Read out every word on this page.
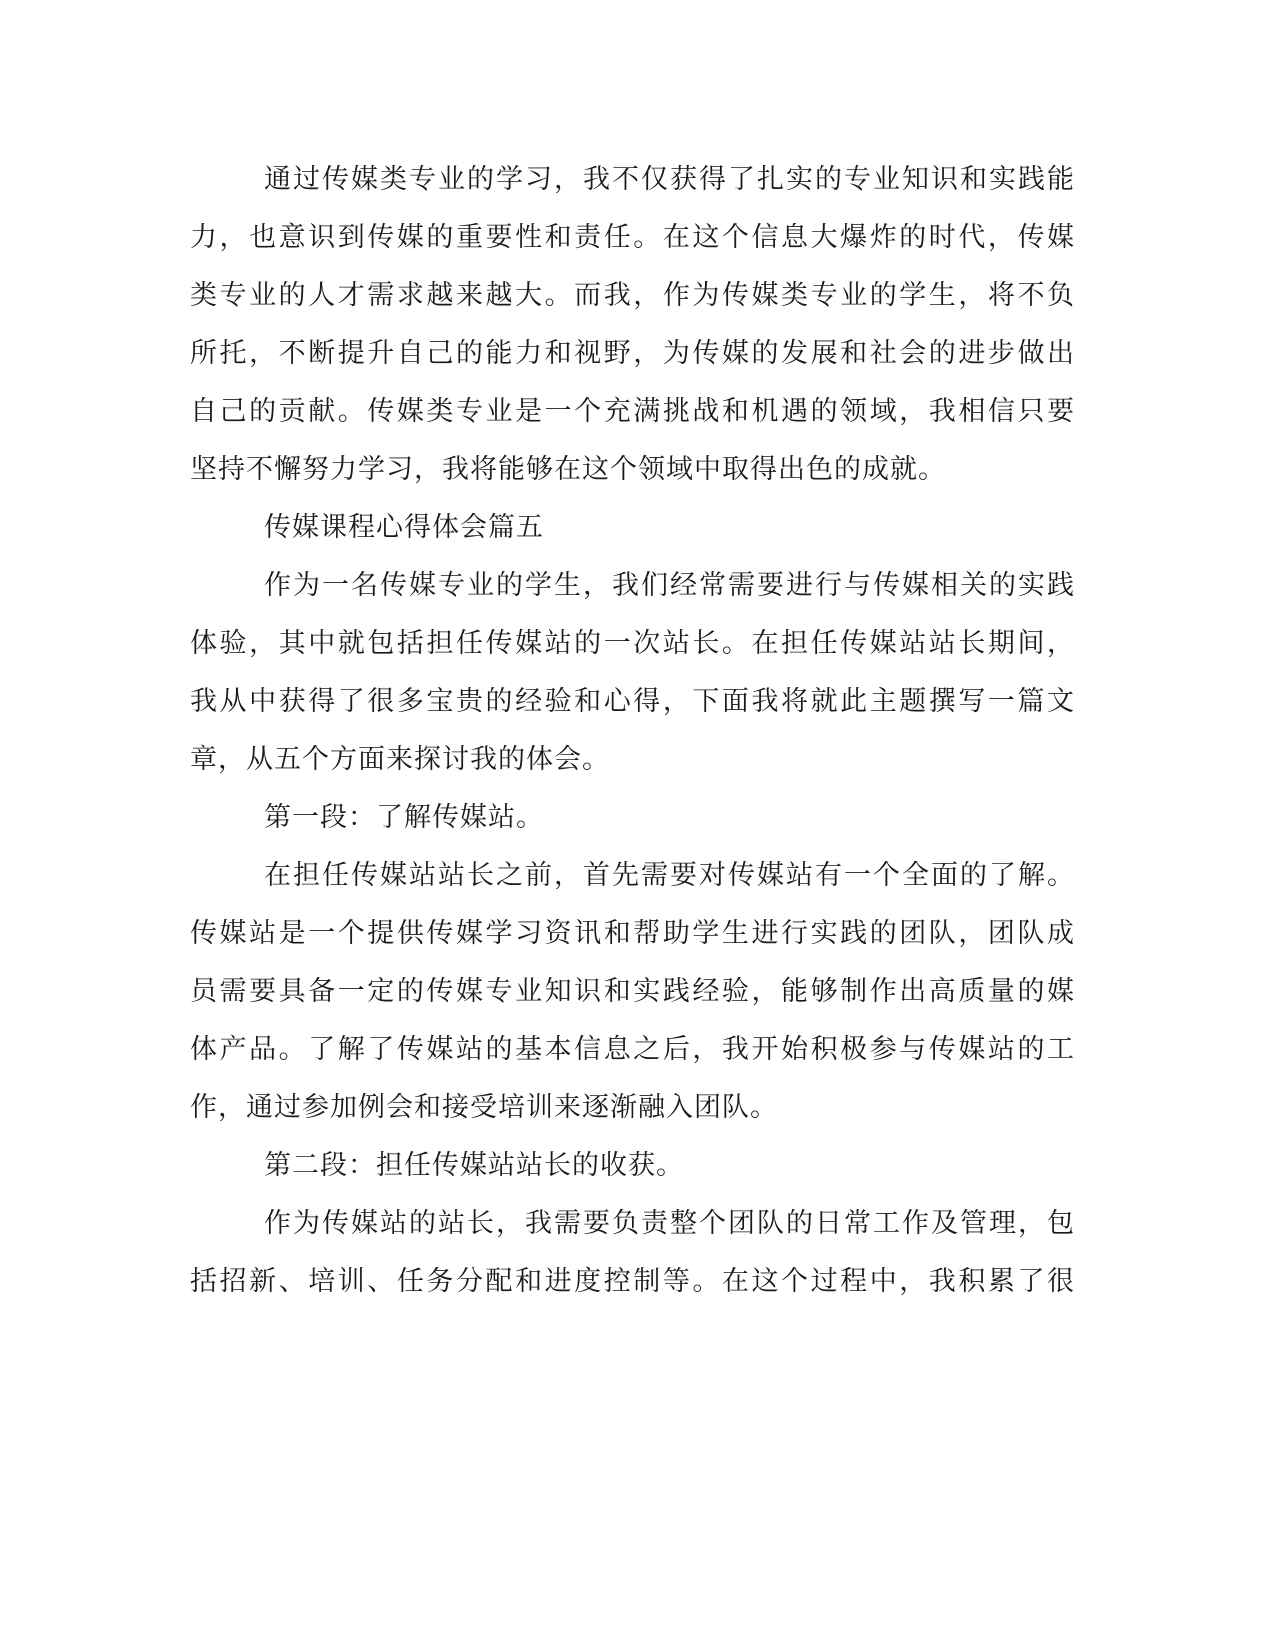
通过传媒类专业的学习，我不仅获得了扎实的专业知识和实践能

力，也意识到传媒的重要性和责任。在这个信息大爆炸的时代，传媒

类专业的人才需求越来越大。而我，作为传媒类专业的学生，将不负

所托，不断提升自己的能力和视野，为传媒的发展和社会的进步做出

自己的贡献。传媒类专业是一个充满挑战和机遇的领域，我相信只要

坚持不懈努力学习，我将能够在这个领域中取得出色的成就。

传媒课程心得体会篇五

作为一名传媒专业的学生，我们经常需要进行与传媒相关的实践

体验，其中就包括担任传媒站的一次站长。在担任传媒站站长期间，

我从中获得了很多宝贵的经验和心得，下面我将就此主题撰写一篇文

章，从五个方面来探讨我的体会。

第一段：了解传媒站。

在担任传媒站站长之前，首先需要对传媒站有一个全面的了解。

传媒站是一个提供传媒学习资讯和帮助学生进行实践的团队，团队成

员需要具备一定的传媒专业知识和实践经验，能够制作出高质量的媒

体产品。了解了传媒站的基本信息之后，我开始积极参与传媒站的工

作，通过参加例会和接受培训来逐渐融入团队。

第二段：担任传媒站站长的收获。

作为传媒站的站长，我需要负责整个团队的日常工作及管理，包

括招新、培训、任务分配和进度控制等。在这个过程中，我积累了很
